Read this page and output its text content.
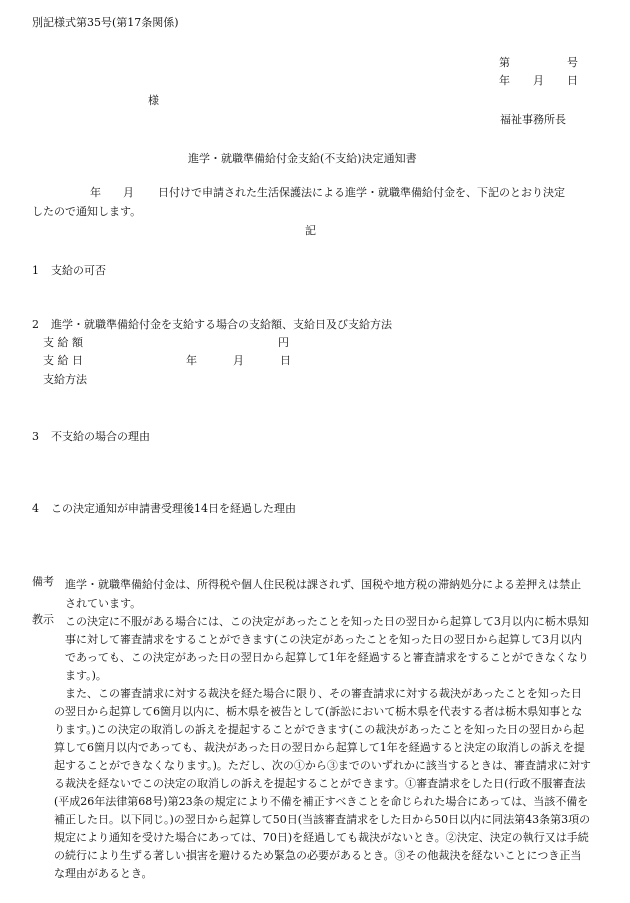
別記様式第35号(第17条関係)
第	号
年 月 日
様
福祉事務所長
進学・就職準備給付金支給(不支給)決定通知書
年 月 日付けで申請された生活保護法による進学・就職準備給付金を、下記のとおり決定
したので通知します。
記
1 支給の可否
2 進学・就職準備給付金を支給する場合の支給額、支給日及び支給方法
支 給 額	円
支 給 日	年	月	日
支給方法
3 不支給の場合の理由
4 この決定通知が申請書受理後14日を経過した理由
備考	進学・就職準備給付金は、所得税や個人住民税は課されず、国税や地方税の滞納処分による差押えは禁止されています。
教示	この決定に不服がある場合には、この決定があったことを知った日の翌日から起算して3月以内に栃木県知事に対して審査請求をすることができます(この決定があったことを知った日の翌日から起算して3月以内であっても、この決定があった日の翌日から起算して1年を経過すると審査請求をすることができなくなります。)。
また、この審査請求に対する裁決を経た場合に限り、その審査請求に対する裁決があったことを知った日の翌日から起算して6箇月以内に、栃木県を被告として(訴訟において栃木県を代表する者は栃木県知事となります。)この決定の取消しの訴えを提起することができます(この裁決があったことを知った日の翌日から起算して6箇月以内であっても、裁決があった日の翌日から起算して1年を経過すると決定の取消しの訴えを提起することができなくなります。)。ただし、次の①から③までのいずれかに該当するときは、審査請求に対する裁決を経ないでこの決定の取消しの訴えを提起することができます。①審査請求をした日(行政不服審査法(平成26年法律第68号)第23条の規定により不備を補正すべきことを命じられた場合にあっては、当該不備を補正した日。以下同じ。)の翌日から起算して50日(当該審査請求をした日から50日以内に同法第43条第3項の規定により通知を受けた場合にあっては、70日)を経過しても裁決がないとき。②決定、決定の執行又は手続の続行により生ずる著しい損害を避けるため緊急の必要があるとき。③その他裁決を経ないことにつき正当な理由があるとき。
